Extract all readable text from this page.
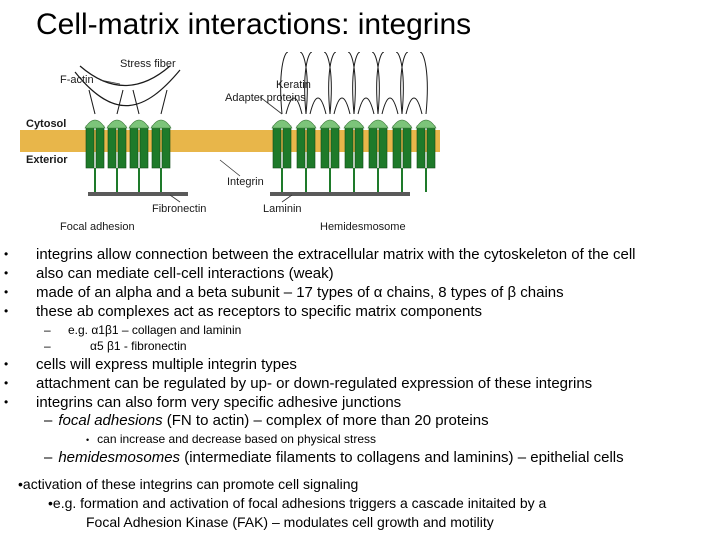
Cell-matrix interactions: integrins
F-actin
Stress fiber
Keratin
Adapter proteins
Cytosol
Exterior
Integrin
Fibronectin	Laminin
Focal adhesion	Hemidesmosome
• integrins allow connection between the extracellular matrix with the cytoskeleton of the cell
• also can mediate cell-cell interactions (weak)
• made of an alpha and a beta subunit – 17 types of α chains, 8 types of β chains
• these ab complexes act as receptors to specific matrix components
– e.g. α1β1 – collagen and laminin
– α5 β1 - fibronectin
• cells will express multiple integrin types
• attachment can be regulated by up- or down-regulated expression of these integrins
• integrins can also form very specific adhesive junctions
– focal adhesions (FN to actin) – complex of more than 20 proteins
• can increase and decrease based on physical stress
– hemidesmosomes (intermediate filaments to collagens and laminins) – epithelial cells
•activation of these integrins can promote cell signaling
•e.g. formation and activation of focal adhesions triggers a cascade initaited by a
Focal Adhesion Kinase (FAK) – modulates cell growth and motility
